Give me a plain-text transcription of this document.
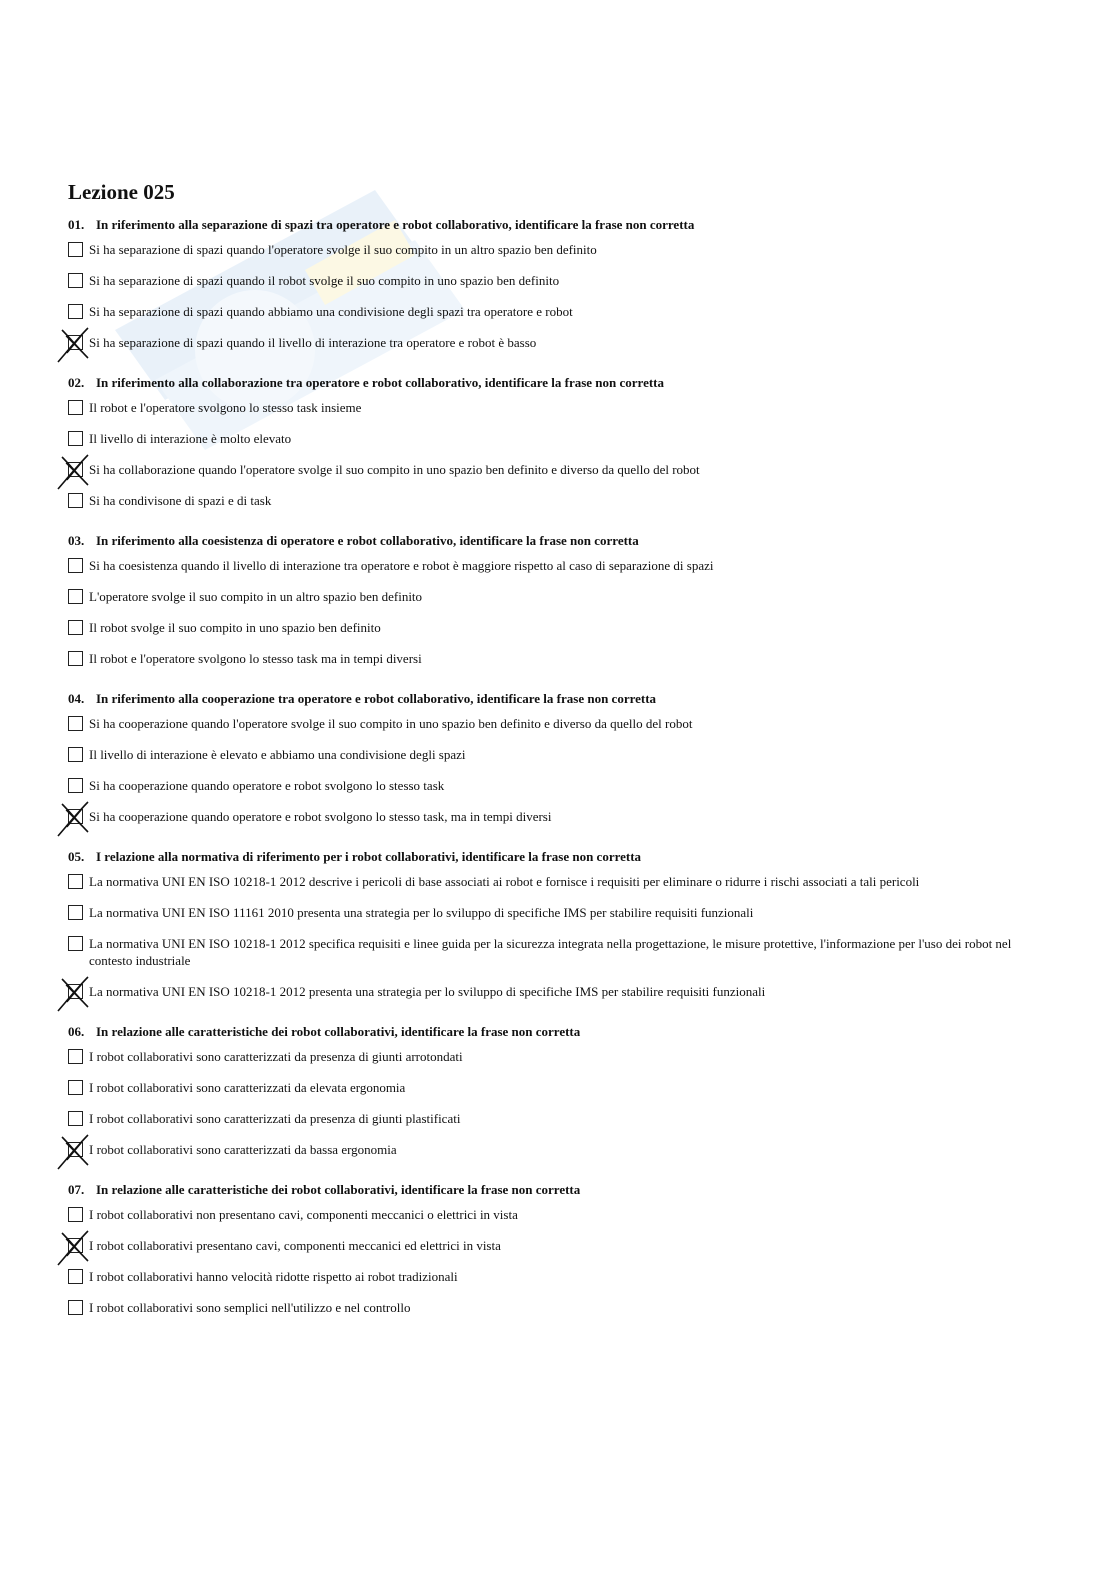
Lezione 025
01. In riferimento alla separazione di spazi tra operatore e robot collaborativo, identificare la frase non corretta
Si ha separazione di spazi quando l'operatore svolge il suo compito in un altro spazio ben definito
Si ha separazione di spazi quando il robot svolge il suo compito in uno spazio ben definito
Si ha separazione di spazi quando abbiamo una condivisione degli spazi tra operatore e robot
Si ha separazione di spazi quando il livello di interazione tra operatore e robot è basso
02. In riferimento alla collaborazione tra operatore e robot collaborativo, identificare la frase non corretta
Il robot e l'operatore svolgono lo stesso task insieme
Il livello di interazione è molto elevato
Si ha collaborazione quando l'operatore svolge il suo compito in uno spazio ben definito e diverso da quello del robot
Si ha condivisone di spazi e di task
03. In riferimento alla coesistenza di operatore e robot collaborativo, identificare la frase non corretta
Si ha coesistenza quando il livello di interazione tra operatore e robot è maggiore rispetto al caso di separazione di spazi
L'operatore svolge il suo compito in un altro spazio ben definito
Il robot svolge il suo compito in uno spazio ben definito
Il robot e l'operatore svolgono lo stesso task ma in tempi diversi
04. In riferimento alla cooperazione tra operatore e robot collaborativo, identificare la frase non corretta
Si ha cooperazione quando l'operatore svolge il suo compito in uno spazio ben definito e diverso da quello del robot
Il livello di interazione è elevato e abbiamo una condivisione degli spazi
Si ha cooperazione quando operatore e robot svolgono lo stesso task
Si ha cooperazione quando operatore e robot svolgono lo stesso task, ma in tempi diversi
05. I relazione alla normativa di riferimento per i robot collaborativi, identificare la frase non corretta
La normativa UNI EN ISO 10218-1 2012 descrive i pericoli di base associati ai robot e fornisce i requisiti per eliminare o ridurre i rischi associati a tali pericoli
La normativa UNI EN ISO 11161 2010 presenta una strategia per lo sviluppo di specifiche IMS per stabilire requisiti funzionali
La normativa UNI EN ISO 10218-1 2012 specifica requisiti e linee guida per la sicurezza integrata nella progettazione, le misure protettive, l'informazione per l'uso dei robot nel contesto industriale
La normativa UNI EN ISO 10218-1 2012 presenta una strategia per lo sviluppo di specifiche IMS per stabilire requisiti funzionali
06. In relazione alle caratteristiche dei robot collaborativi, identificare la frase non corretta
I robot collaborativi sono caratterizzati da presenza di giunti arrotondati
I robot collaborativi sono caratterizzati da elevata ergonomia
I robot collaborativi sono caratterizzati da presenza di giunti plastificati
I robot collaborativi sono caratterizzati da bassa ergonomia
07. In relazione alle caratteristiche dei robot collaborativi, identificare la frase non corretta
I robot collaborativi non presentano cavi, componenti meccanici o elettrici in vista
I robot collaborativi presentano cavi, componenti meccanici ed elettrici in vista
I robot collaborativi hanno velocità ridotte rispetto ai robot tradizionali
I robot collaborativi sono semplici nell'utilizzo e nel controllo
